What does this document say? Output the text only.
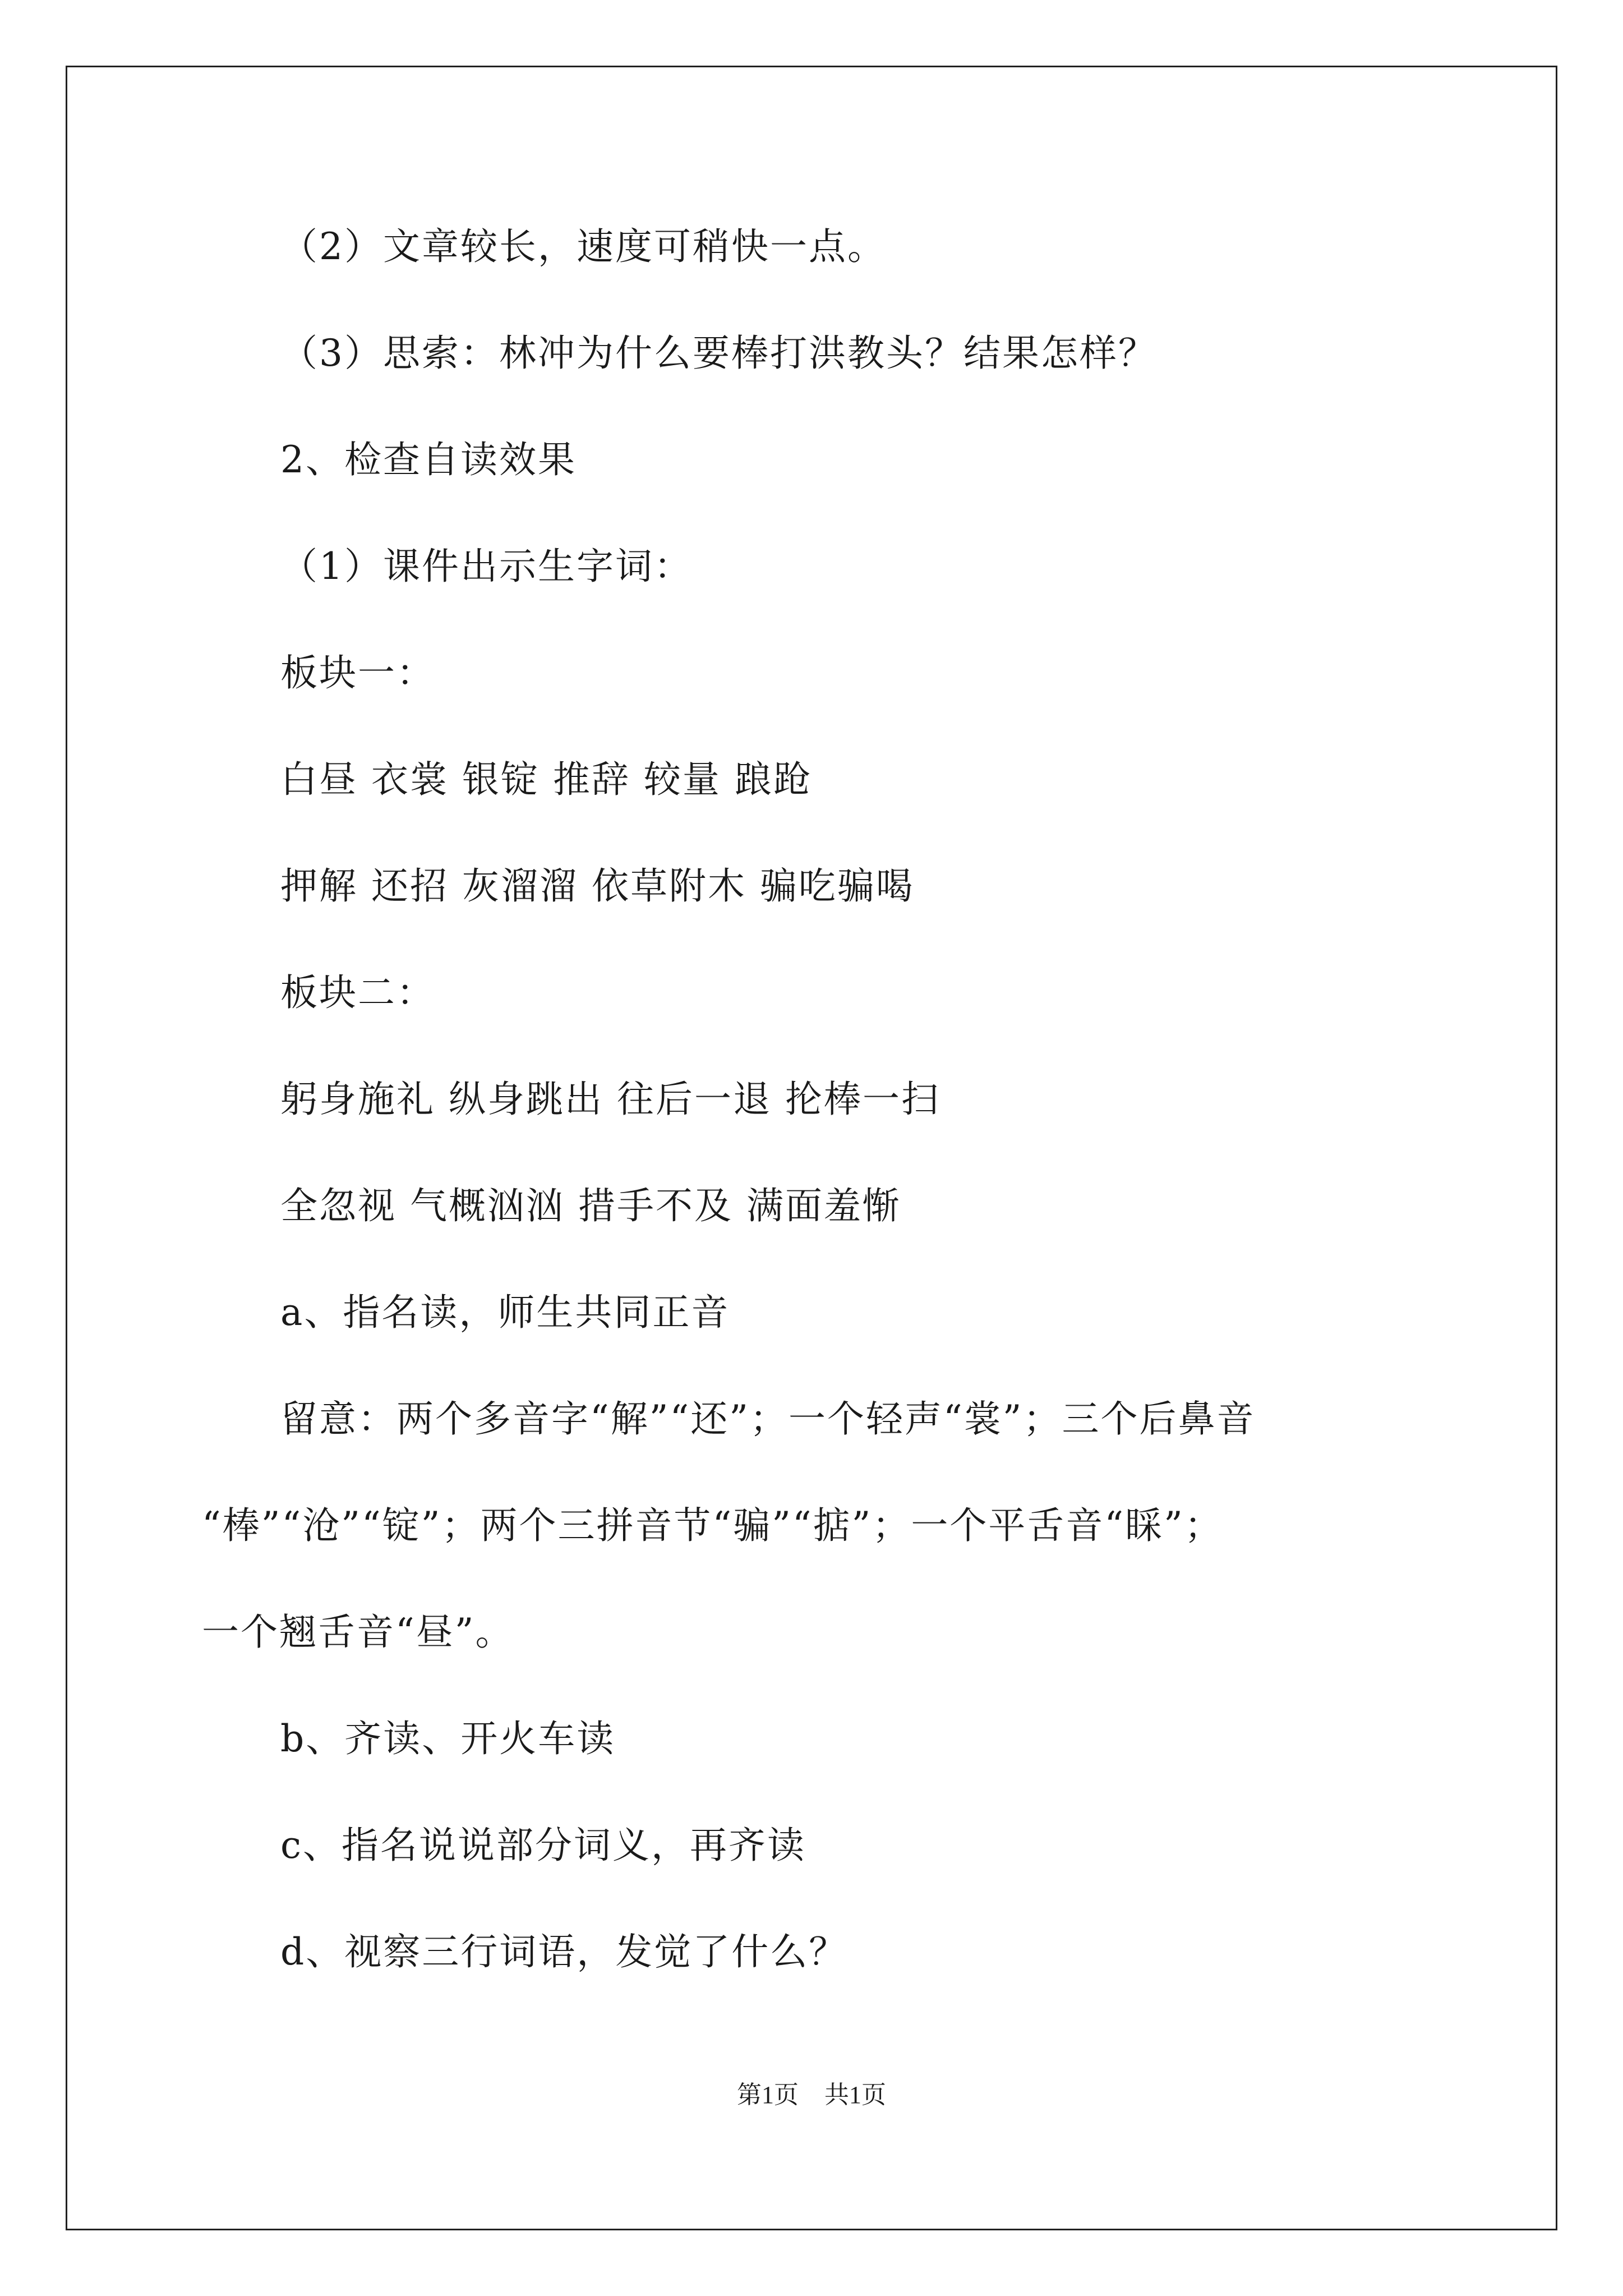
（2）文章较长，速度可稍快一点。

（3）思索：林冲为什么要棒打洪教头？结果怎样？

2、检查自读效果

（1）课件出示生字词：

板块一：

白昼 衣裳 银锭 推辞 较量 踉跄

押解 还招 灰溜溜 依草附木 骗吃骗喝

板块二：

躬身施礼 纵身跳出 往后一退 抡棒一扫

全忽视 气概汹汹 措手不及 满面羞惭

a、指名读，师生共同正音

留意：两个多音字“解”“还”；一个轻声“裳”；三个后鼻音

“棒”“沧”“锭”；两个三拼音节“骗”“掂”；一个平舌音“睬”；

一个翘舌音“昼”。

b、齐读、开火车读

c、指名说说部分词义，再齐读

d、视察三行词语，发觉了什么？

第1页 共1页
